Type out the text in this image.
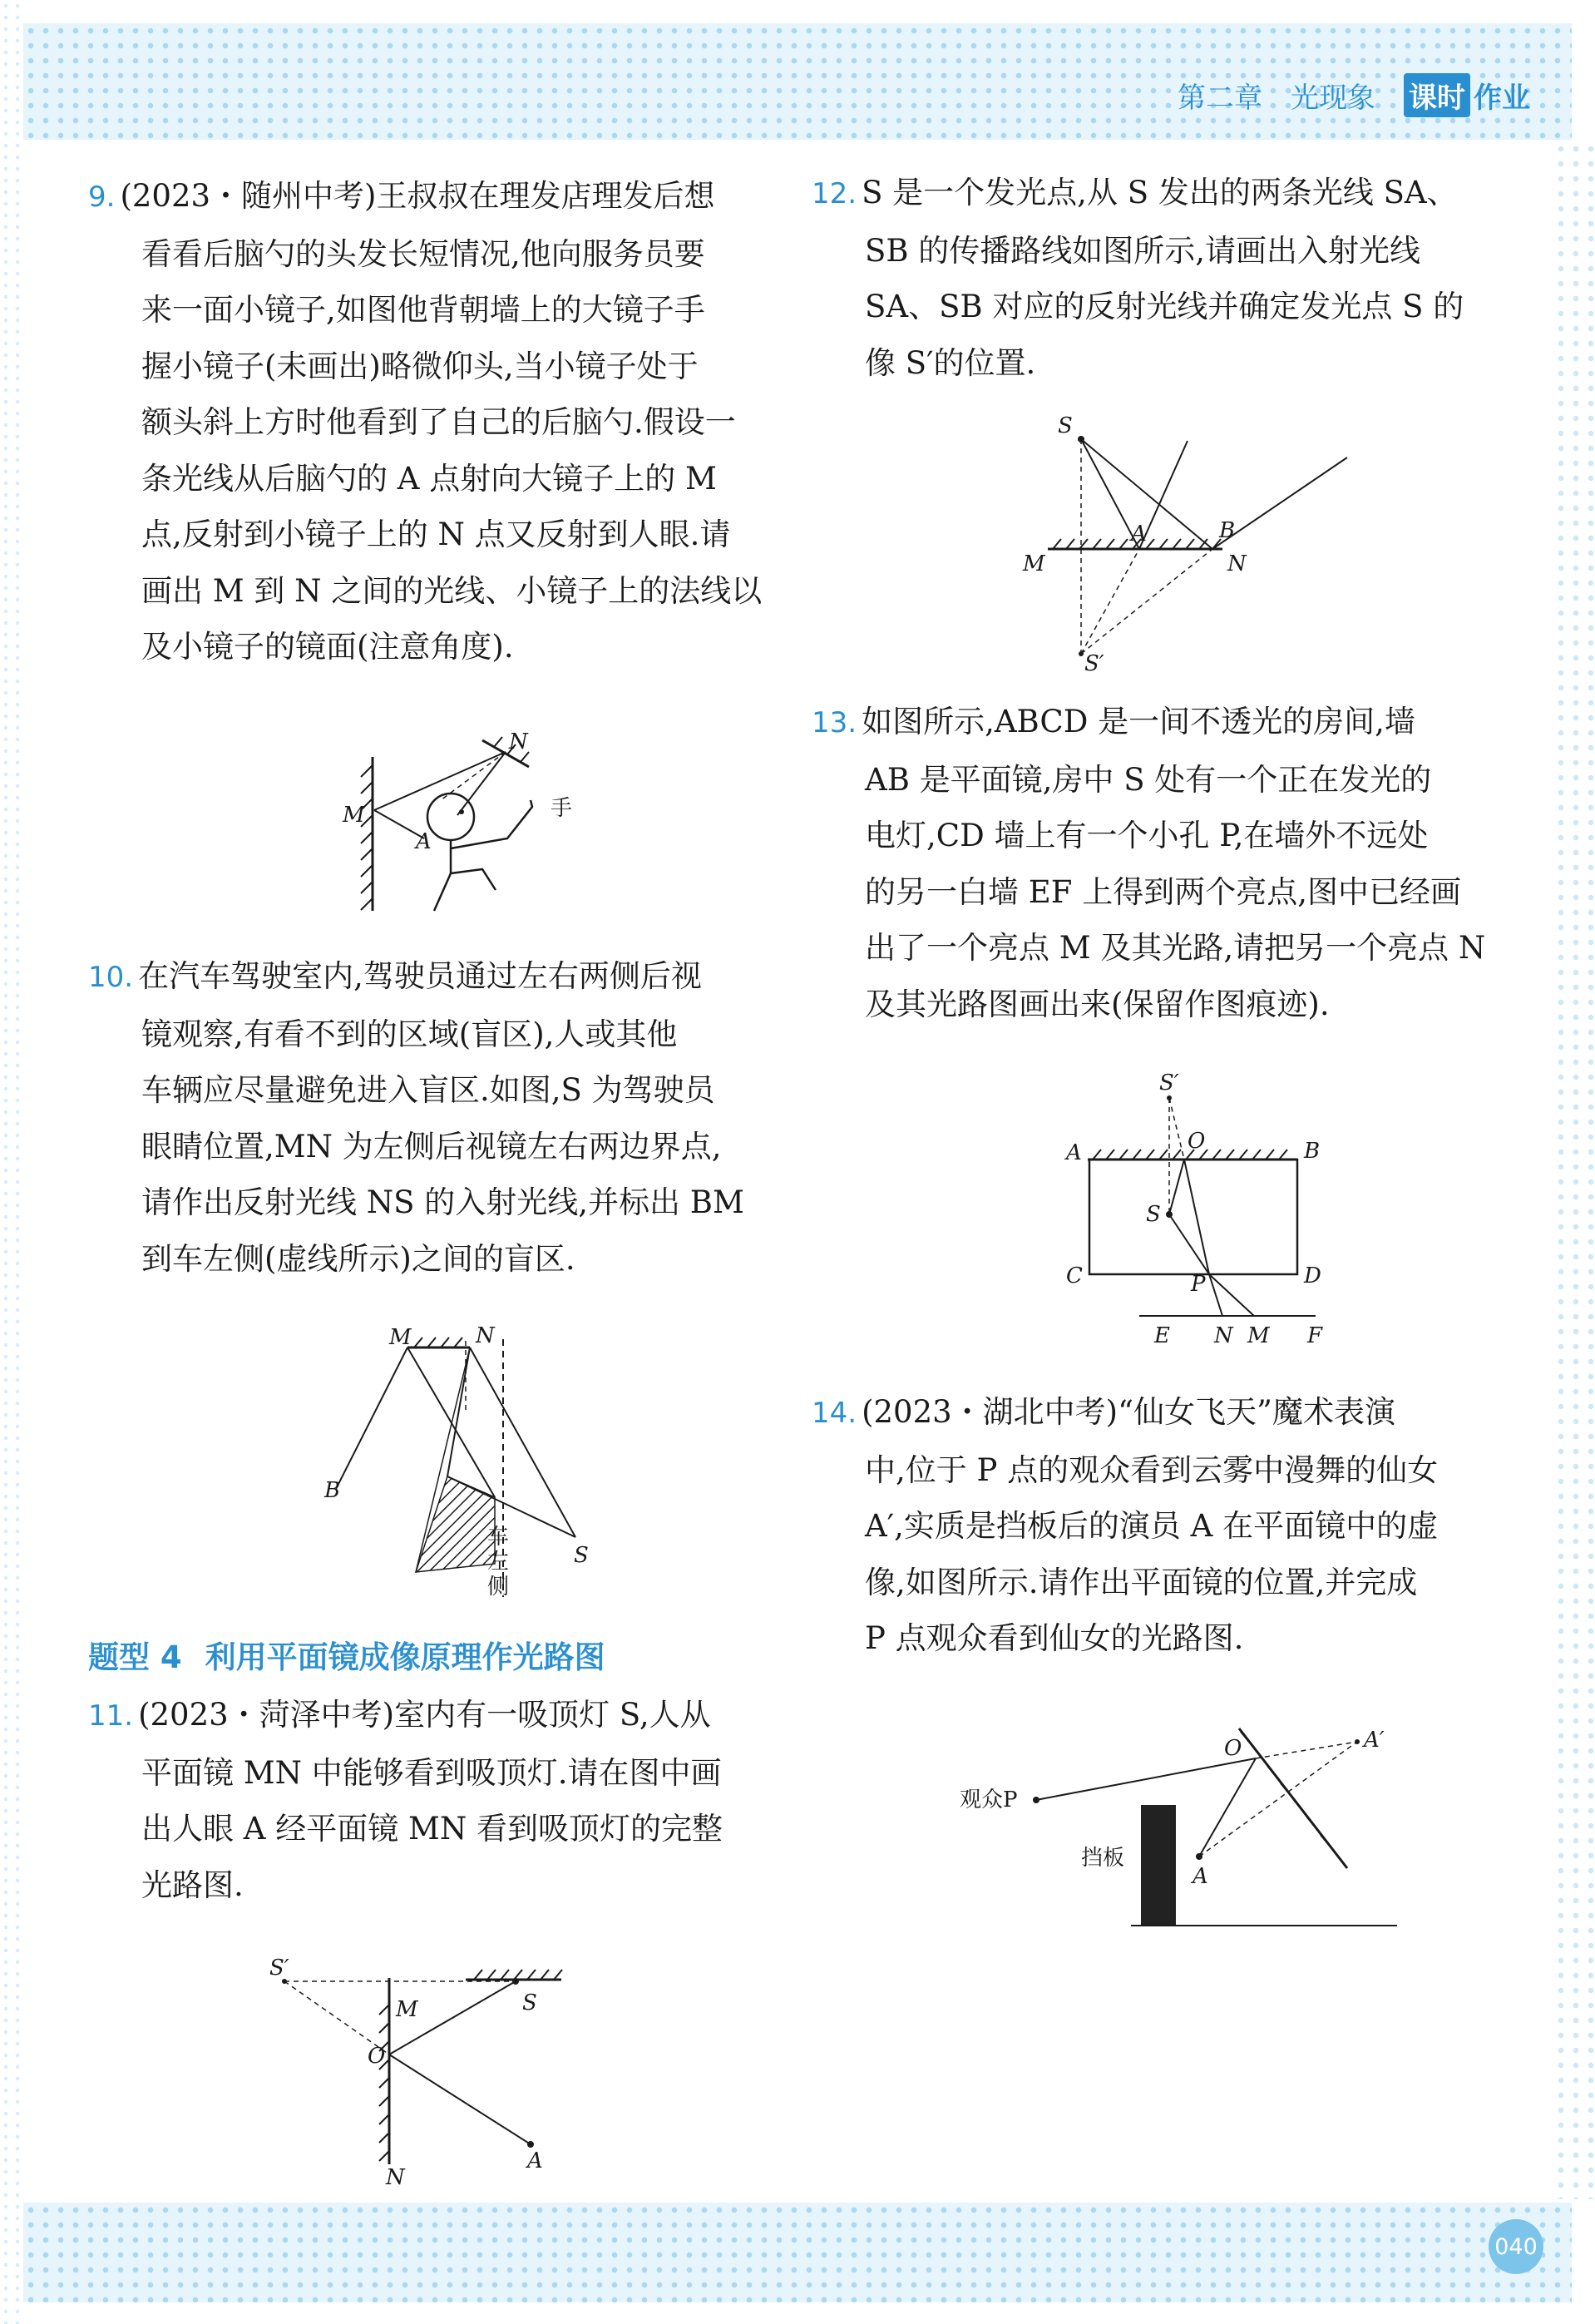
第二章 光现象 课时 作业
040
9. (2023・随州中考)王叔叔在理发店理发后想
看看后脑勺的头发长短情况,他向服务员要
来一面小镜子,如图他背朝墙上的大镜子手
握小镜子(未画出)略微仰头,当小镜子处于
额头斜上方时他看到了自己的后脑勺.假设一
条光线从后脑勺的 A 点射向大镜子上的 M
点,反射到小镜子上的 N 点又反射到人眼.请
画出 M 到 N 之间的光线、小镜子上的法线以
及小镜子的镜面(注意角度).
M
A
N
手
10. 在汽车驾驶室内,驾驶员通过左右两侧后视
镜观察,有看不到的区域(盲区),人或其他
车辆应尽量避免进入盲区.如图,S 为驾驶员
眼睛位置,MN 为左侧后视镜左右两边界点,
请作出反射光线 NS 的入射光线,并标出 BM
到车左侧(虚线所示)之间的盲区.
B
M	N
S
车
左
侧
题型 4 利用平面镜成像原理作光路图
11. (2023・菏泽中考)室内有一吸顶灯 S,人从
平面镜 MN 中能够看到吸顶灯.请在图中画
出人眼 A 经平面镜 MN 看到吸顶灯的完整
光路图.
S′
S
M
O
N
A
12. S 是一个发光点,从 S 发出的两条光线 SA、
SB 的传播路线如图所示,请画出入射光线
SA、SB 对应的反射光线并确定发光点 S 的
像 S′的位置.
S
M
A	B
N
S′
13. 如图所示,ABCD 是一间不透光的房间,墙
AB 是平面镜,房中 S 处有一个正在发光的
电灯,CD 墙上有一个小孔 P,在墙外不远处
的另一白墙 EF 上得到两个亮点,图中已经画
出了一个亮点 M 及其光路,请把另一个亮点 N
及其光路图画出来(保留作图痕迹).
S′
A	O	B
S
C	P	D
E N M F
14. (2023・湖北中考)“仙女飞天”魔术表演
中,位于 P 点的观众看到云雾中漫舞的仙女
A′,实质是挡板后的演员 A 在平面镜中的虚
像,如图所示.请作出平面镜的位置,并完成
P 点观众看到仙女的光路图.
观众P
O	A′
挡板
A
